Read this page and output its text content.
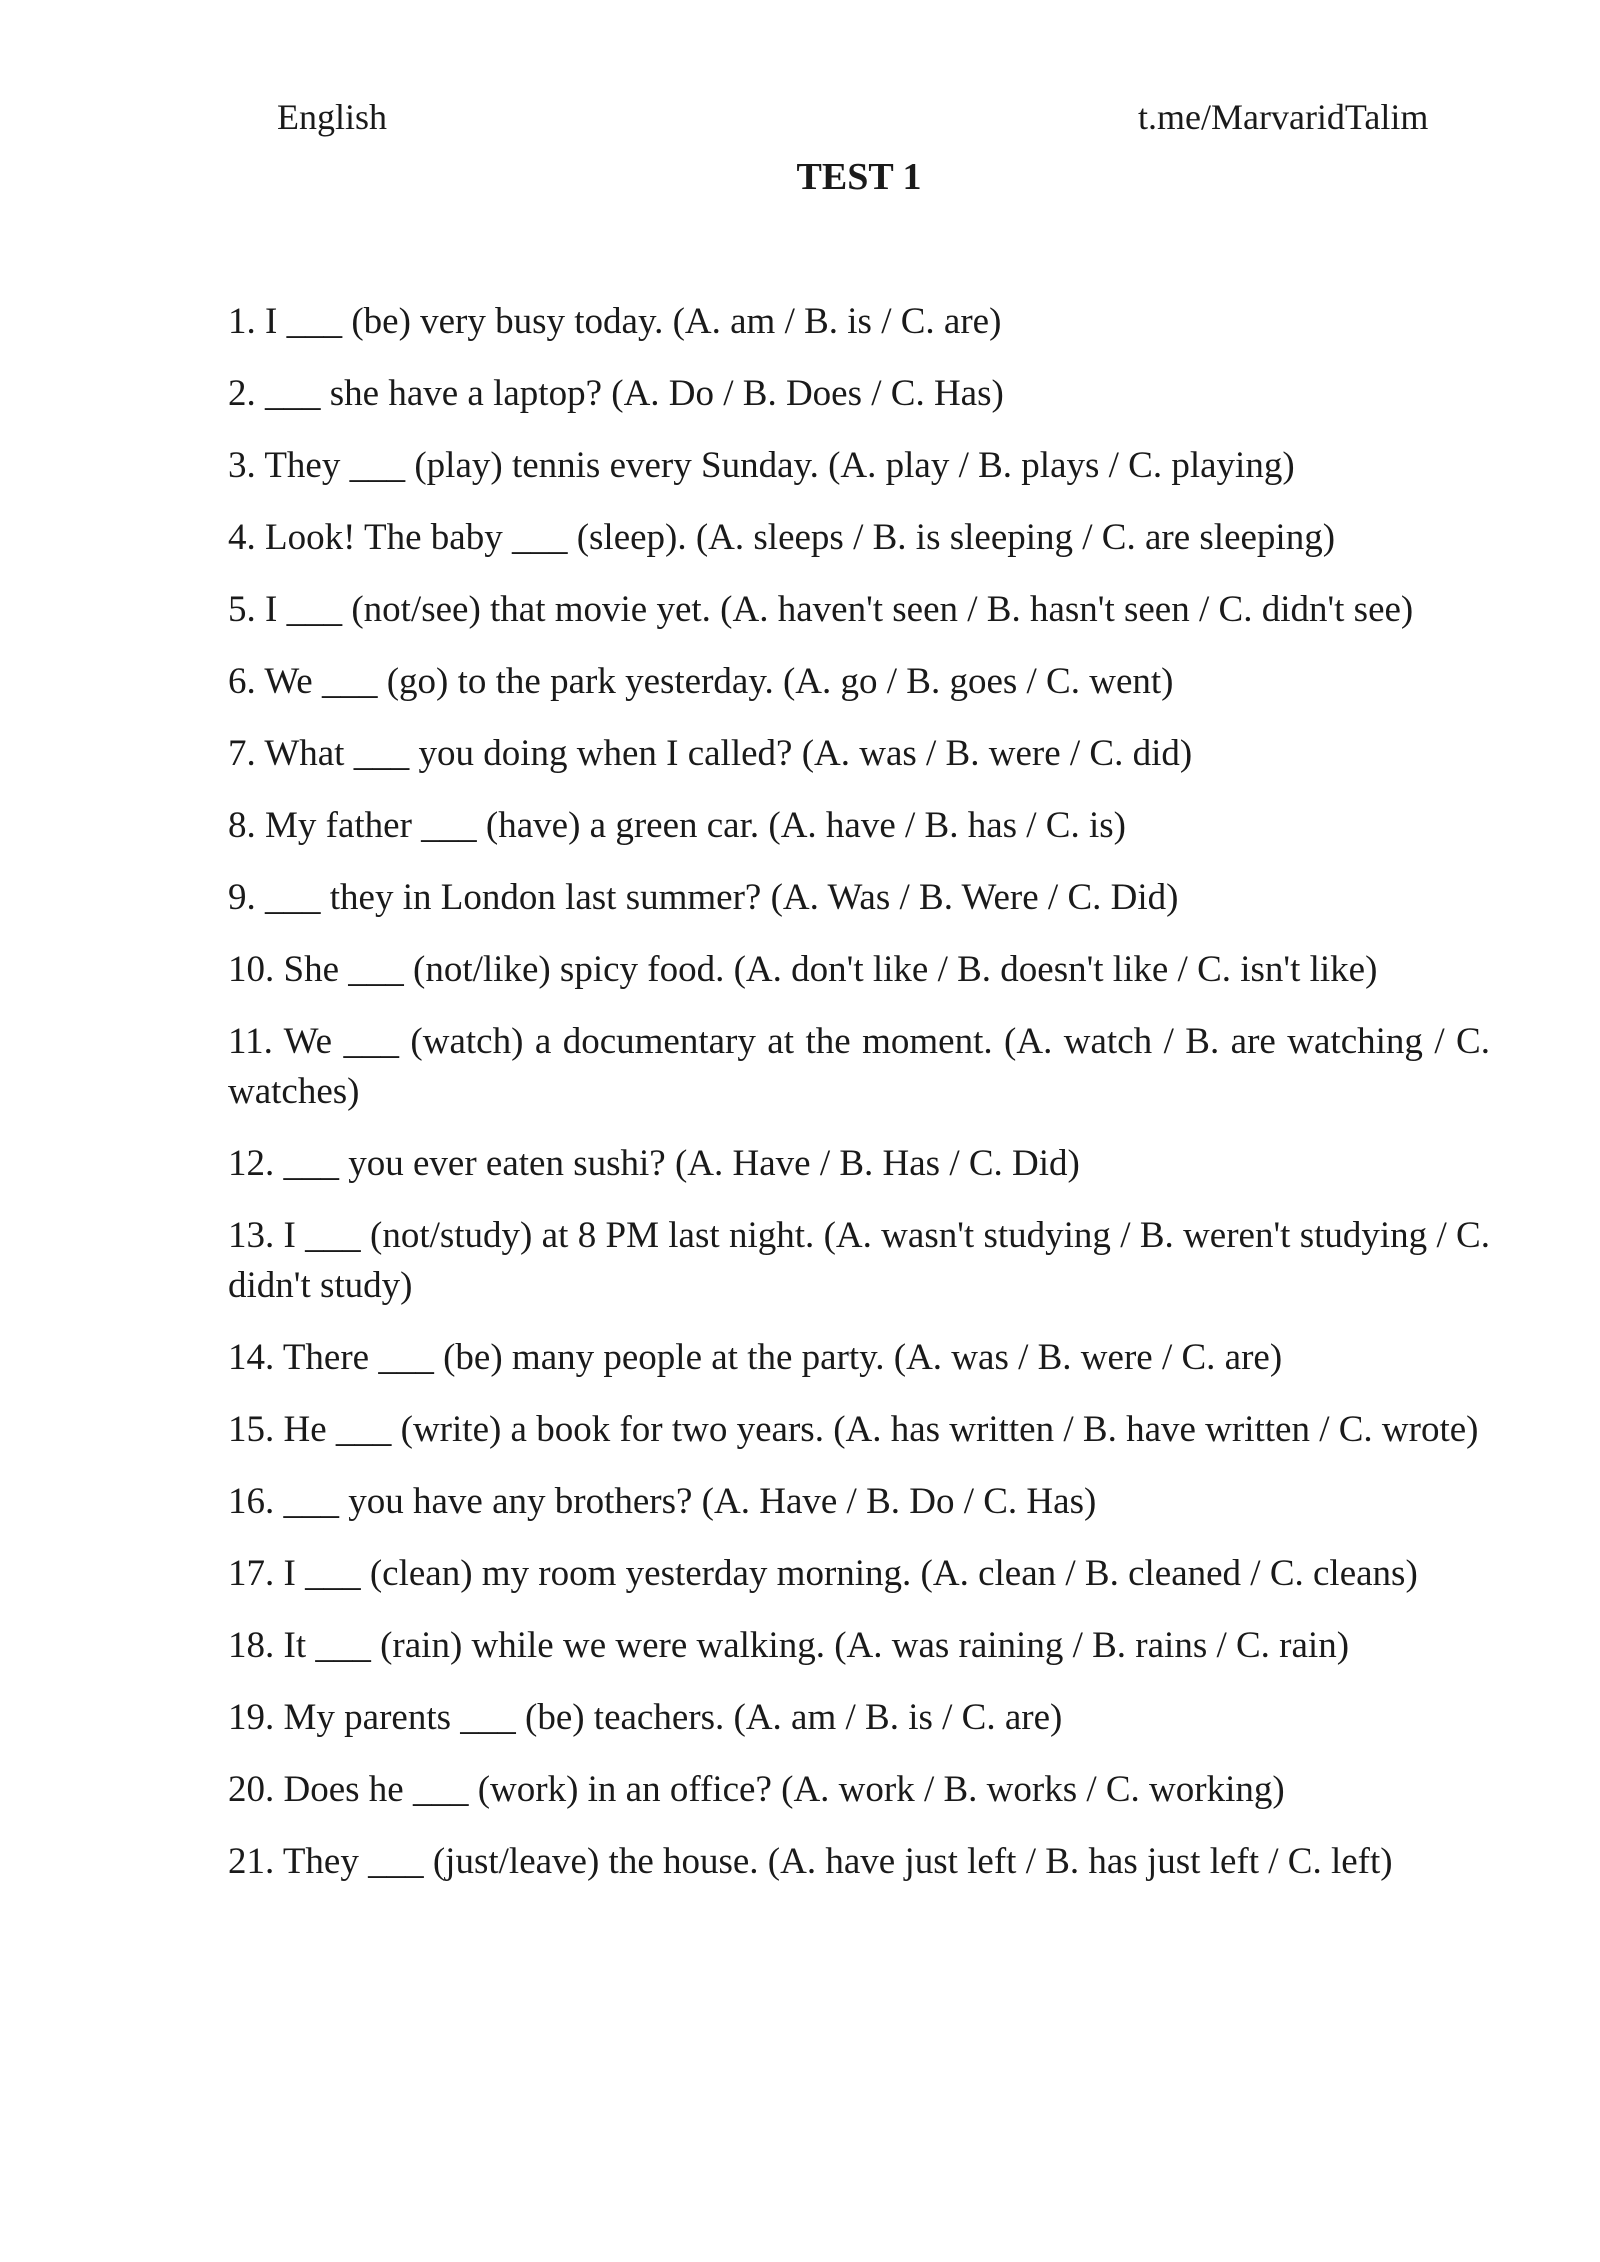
English	t.me/MarvaridTalim
TEST 1
1. I ___ (be) very busy today. (A. am / B. is / C. are)
2. ___ she have a laptop? (A. Do / B. Does / C. Has)
3. They ___ (play) tennis every Sunday. (A. play / B. plays / C. playing)
4. Look! The baby ___ (sleep). (A. sleeps / B. is sleeping / C. are sleeping)
5. I ___ (not/see) that movie yet. (A. haven't seen / B. hasn't seen / C. didn't see)
6. We ___ (go) to the park yesterday. (A. go / B. goes / C. went)
7. What ___ you doing when I called? (A. was / B. were / C. did)
8. My father ___ (have) a green car. (A. have / B. has / C. is)
9. ___ they in London last summer? (A. Was / B. Were / C. Did)
10. She ___ (not/like) spicy food. (A. don't like / B. doesn't like / C. isn't like)
11. We ___ (watch) a documentary at the moment. (A. watch / B. are watching / C. watches)
12. ___ you ever eaten sushi? (A. Have / B. Has / C. Did)
13. I ___ (not/study) at 8 PM last night. (A. wasn't studying / B. weren't studying / C. didn't study)
14. There ___ (be) many people at the party. (A. was / B. were / C. are)
15. He ___ (write) a book for two years. (A. has written / B. have written / C. wrote)
16. ___ you have any brothers? (A. Have / B. Do / C. Has)
17. I ___ (clean) my room yesterday morning. (A. clean / B. cleaned / C. cleans)
18. It ___ (rain) while we were walking. (A. was raining / B. rains / C. rain)
19. My parents ___ (be) teachers. (A. am / B. is / C. are)
20. Does he ___ (work) in an office? (A. work / B. works / C. working)
21. They ___ (just/leave) the house. (A. have just left / B. has just left / C. left)
